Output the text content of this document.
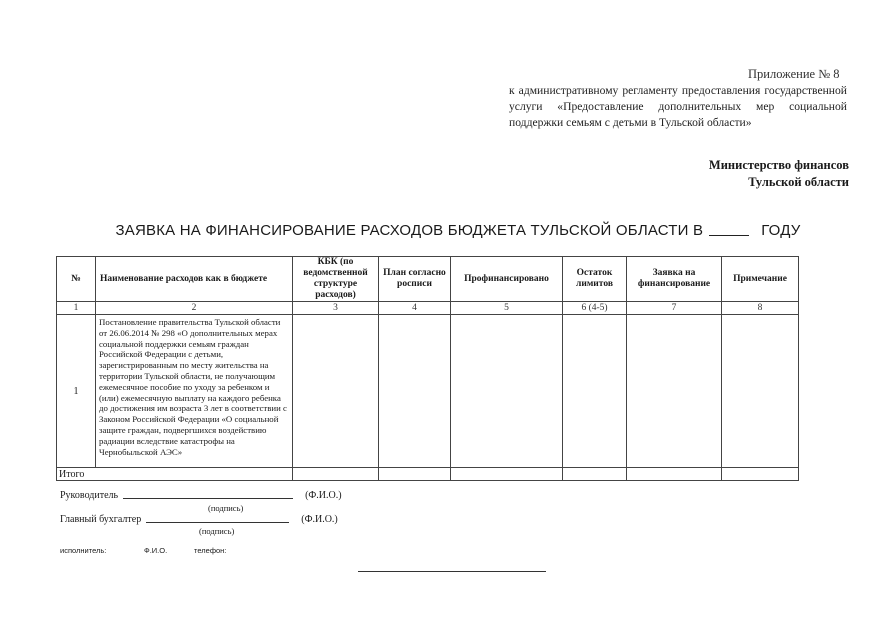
Приложение № 8
к административному регламенту предоставления государственной услуги «Предоставление дополнительных мер социальной поддержки семьям с детьми в Тульской области»
Министерство финансов
Тульской области
ЗАЯВКА НА ФИНАНСИРОВАНИЕ РАСХОДОВ БЮДЖЕТА ТУЛЬСКОЙ ОБЛАСТИ В	ГОДУ
№	Наименование расходов как в бюджете	КБК (по ведомственной структуре расходов)	План согласно росписи	Профинансировано	Остаток лимитов	Заявка на финансирование	Примечание
1	2	3	4	5	6 (4-5)	7	8
1	Постановление правительства Тульской области от 26.06.2014 № 298 «О дополнительных мерах социальной поддержки семьям граждан Российской Федерации с детьми, зарегистрированным по месту жительства на территории Тульской области, не получающим ежемесячное пособие по уходу за ребенком и (или) ежемесячную выплату на каждого ребенка до достижения им возраста 3 лет в соответствии с Законом Российской Федерации «О социальной защите граждан, подвергшихся воздействию радиации вследствие катастрофы на Чернобыльской АЭС»						
Итого							
Руководитель	(Ф.И.О.)
(подпись)
Главный бухгалтер	(Ф.И.О.)
(подпись)
исполнитель:	Ф.И.О.	телефон:
